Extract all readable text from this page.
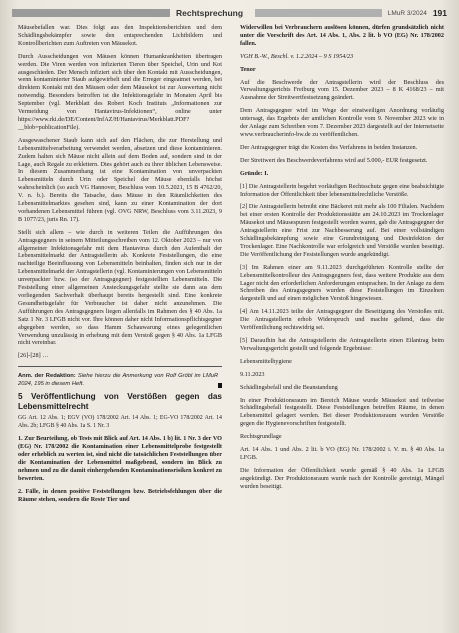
Rechtsprechung	LMuR 3/2024 191

Mäusebefallen war. Dies folgt aus den Inspektionsberichten und dem Schädlingsbekämpfer sowie den entsprechenden Lichtbildern und Kontrollberichten zum Auftreten von Mäusekot.

Durch Ausscheidungen von Mäusen können Humankrankheiten übertragen werden. Die Viren werden von infizierten Tieren über Speichel, Urin und Kot ausgeschieden. Der Mensch infiziert sich über den Kontakt mit Ausscheidungen, wenn kontaminierter Staub aufgewirbelt und die Erreger eingeatmet werden, bei direktem Kontakt mit den Mäusen oder dem Mäusekot ist zur Auswertung nicht notwendig. Besonders betroffen ist die Infektionsgefahr in Monaten April bis September (vgl. Merkblatt des Robert Koch Instituts „Informationen zur Vermeidung von Hantavirus-Infektionen“, online unter https://www.rki.de/DE/Content/InfAZ/H/Hantavirus/Merkblatt.PDF?__blob=publicationFile).

Ausgewaschener Staub kann sich auf den Flächen, die zur Herstellung und Lebensmittelverarbeitung verwendet werden, absetzen und diese kontaminieren. Zudem halten sich Mäuse nicht allein auf dem Boden auf, sondern sind in der Lage, auch Regale zu erklettern. Dies gehört auch zu ihrer üblichen Lebensweise. In diesem Zusammenhang ist eine Kontamination von unverpackten Lebensmitteln durch Urin oder Speichel der Mäuse ebenfalls höchst wahrscheinlich (so auch VG Hannover, Beschluss vom 10.5.2021, 15 B 4762/20, V. n. b.). Bereits die Tatsache, dass Mäuse in den Räumlichkeiten des Lebensmittelmarktes gesehen sind, kann zu einer Kontamination der dort vorhandenen Lebensmittel führen (vgl. OVG NRW, Beschluss vom 3.11.2023, 9 B 1077/23, juris Rn. 17).

Stellt sich allem – wie durch in weiteren Teilen die Aufführungen des Antragsgegners in seinem Mitteilungsschreiben vom 12. Oktober 2023 – nur von allgemeiner Infektionsgefahr mit dem Hantavirus durch den Aufenthalt der Lebensmittelmarkt der Antragstellerin ab. Konkrete Feststellungen, die eine nachteilige Beeinflussung von Lebensmitteln beinhalten, finden sich nur in der Lebensmittelmarkt der Antragstellerin (vgl. Kontaminierungen von Lebensmitteln unverpackter bzw. (so der Antragsgegner) festgestellten Lebensmitteln. Die Feststellung einer allgemeinen Ansteckungsgefahr stellte sie dann aus dem vorliegenden Sachverhalt überhaupt bereits hergestellt sind. Eine konkrete Gesundheitsgefahr für Verbraucher ist daher nicht anzunehmen. Die Aufführungen des Antragsgegners liegen allenfalls im Rahmen des § 40 Abs. 1a Satz 1 Nr. 3 LFGB nicht vor. Ihre können daher nicht Informationspflichtsgegner abgegeben werden, so dass Hamm Schauwarung eines gelegentlichen Verwendung unzulässig in erhebung mit dem Verstoß gegen § 40 Abs. 1a LFGB nicht vereinbar.

[26]-[28] …

Anm. der Redaktion: Siehe hierzu die Anmerkung von Rolf Gröbl im LMuR 2024, 195 in diesem Heft.
5 Veröffentlichung von Verstößen gegen das Lebensmittelrecht

GG Art. 12 Abs. 1; EGV (VO) 178/2002 Art. 14 Abs. 1; EG-VO 178/2002 Art. 14 Abs. 2b; LFGB § 40 Abs. 1a S. 1 Nr. 3

1. Zur Beurteilung, ob Tests mit Blick auf Art. 14 Abs. 1 b) lit. 1 Nr. 3 der VO (EG) Nr. 178/2002 die Kontamination einer Lebensmittelprobe festgestellt oder erheblich zu werten ist, sind nicht die tatsächlichen Feststellungen über die Kontamination der Lebensmittel maßgebend, sondern im Blick zu nehmen und zu die damit einhergehenden Kontaminationsrisiken konkret zu bewerten.

2. Fälle, in denen positive Feststellungen bzw. Betriebsfehlungen über die Räume stehen, sondern die Reste Tier und

Widerwillen bei Verbrauchern auslösen können, dürfen grundsätzlich nicht unter die Vorschrift des Art. 14 Abs. 1, Abs. 2 lit. b VO (EG) Nr. 178/2002 fallen.

VGH B.-W., Beschl. v. 1.2.2024 – 9 S 1954/23

Tenor

Auf die Beschwerde der Antragstellerin wird der Beschluss des Verwaltungsgerichts Freiburg vom 15. Dezember 2023 – 8 K 4168/23 – mit Ausnahme der Streitwertfestsetzung geändert.

Dem Antragsgegner wird im Wege der einstweiligen Anordnung vorläufig untersagt, das Ergebnis der amtlichen Kontrolle vom 9. November 2023 wie in der Anlage zum Schreiben vom 7. Dezember 2023 dargestellt auf der Internetseite www.verbraucherinfo-bw.de zu veröffentlichen.

Der Antragsgegner trägt die Kosten des Verfahrens in beiden Instanzen.

Der Streitwert des Beschwerdeverfahrens wird auf 5.000,- EUR festgesetzt.

Gründe: I.

[1] Die Antragstellerin begehrt vorläufigen Rechtsschutz gegen eine beabsichtigte Information der Öffentlichkeit über lebensmittelrechtliche Verstöße.

[2] Die Antragstellerin betreibt eine Bäckerei mit mehr als 100 Filialen. Nachdem bei einer ersten Kontrolle der Produktionsstätte am 24.10.2023 im Trockenlager Mäusekot und Mäusespuren festgestellt worden waren, gab die Antragsgegner der Antragstellerin eine Frist zur Nachbesserung auf. Bei einer vollständigen Schädlingsbekämpfung sowie eine Grundreinigung und Desinfektion der Trockenlager. Eine Nachkontrolle war erfolgreich und Verstöße wurden beseitigt. Die Veröffentlichung der Feststellungen wurde angekündigt.

[3] Im Rahmen einer am 9.11.2023 durchgeführten Kontrolle stellte der Lebensmittelkontrolleur des Antragsgegners fest, dass weitere Produkte aus dem Lager nicht den erforderlichen Anforderungen entsprachen. In der Anlage zu dem Schreiben des Antragsgegners wurden diese Feststellungen im Einzelnen dargestellt und auf einen möglichen Verstoß hingewiesen.

[4] Am 14.11.2023 teilte der Antragsgegner die Beseitigung des Verstoßes mit. Die Antragstellerin erhob Widerspruch und machte geltend, dass die Veröffentlichung rechtswidrig sei.

[5] Daraufhin hat die Antragstellerin die Antragstellerin einen Eilantrag beim Verwaltungsgericht gestellt und folgende Ergebnisse:

Lebensmittelhygiene

9.11.2023

Schädlingsbefall und die Beanstandung

In einer Produktionsraum im Bereich Mäuse wurde Mäusekot und teilweise Schädlingsbefall festgestellt. Diese Feststellungen betreffen Räume, in denen Lebensmittel gelagert werden. Bei dieser Produktionsraum wurden Verstöße gegen die Hygienevorschriften festgestellt.

Rechtsgrundlage

Art. 14 Abs. 1 und Abs. 2 lit. b VO (EG) Nr. 178/2002 i. V. m. § 40 Abs. 1a LFGB.

Die Information der Öffentlichkeit wurde gemäß § 40 Abs. 1a LFGB angekündigt. Der Produktionsraum wurde nach der Kontrolle gereinigt, Mängel wurden beseitigt.
